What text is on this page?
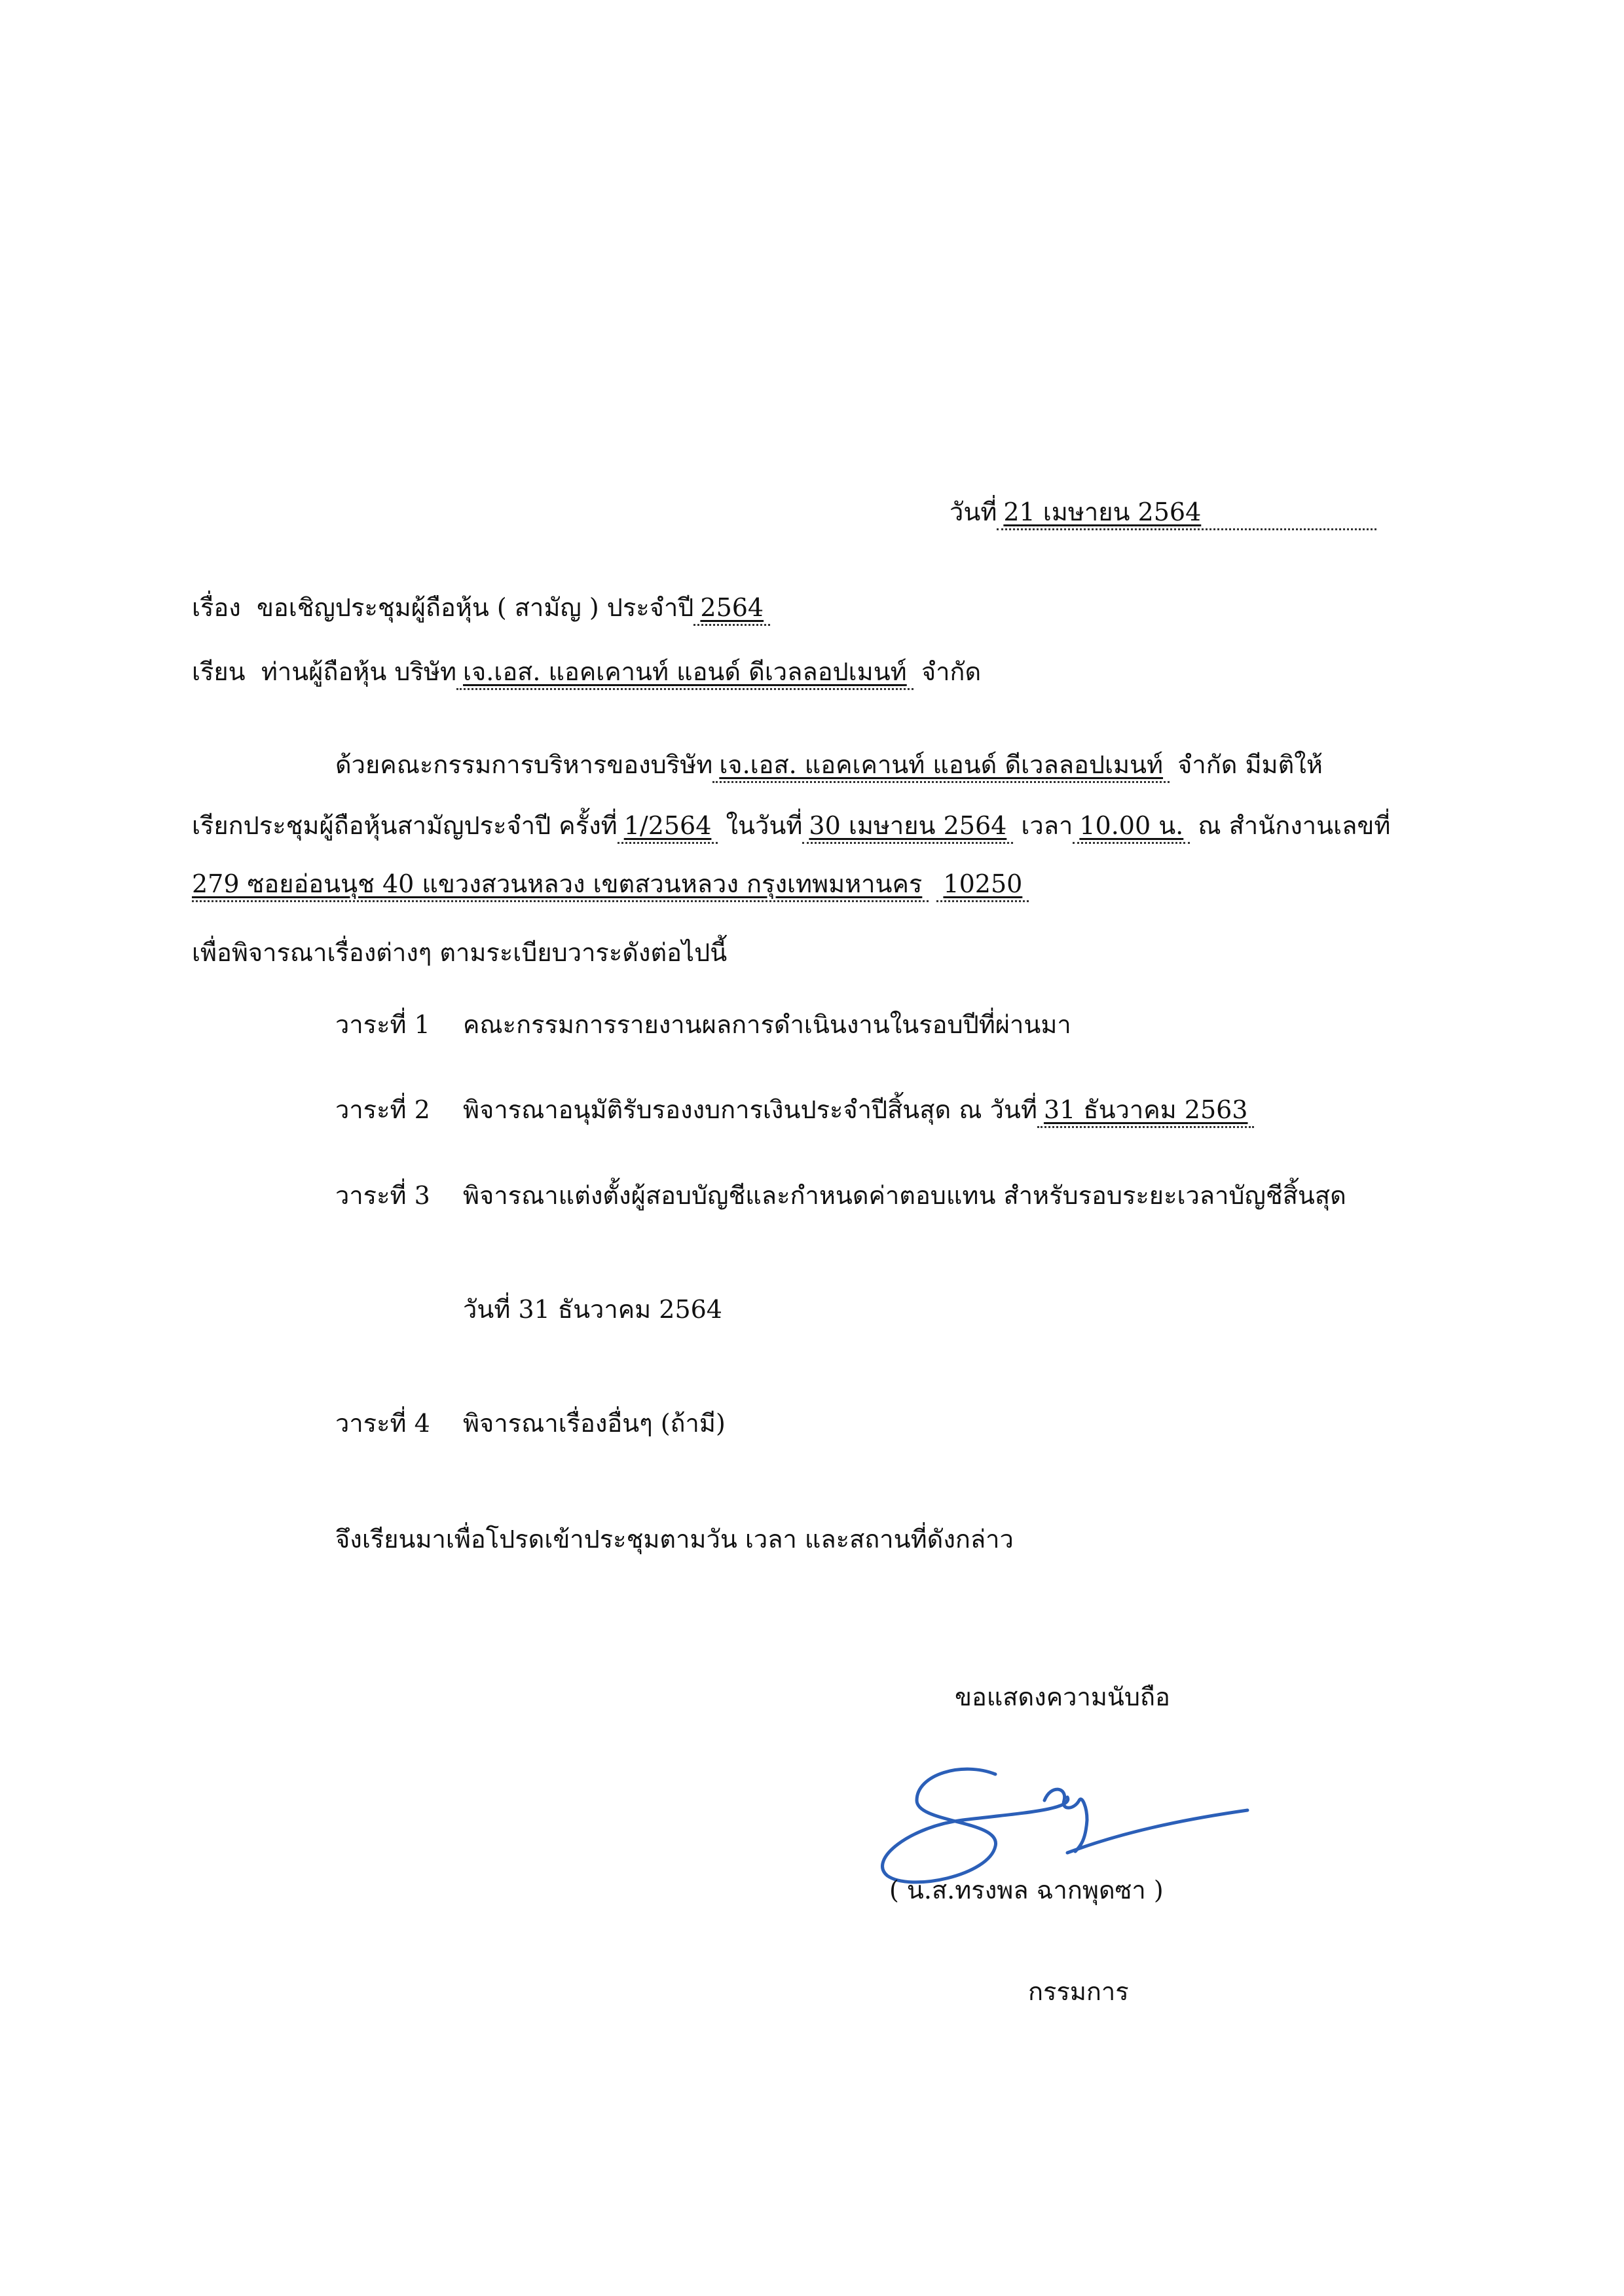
วันที่ 21 เมษายน 2564
เรื่อง ขอเชิญประชุมผู้ถือหุ้น ( สามัญ ) ประจำปี 2564
เรียน ท่านผู้ถือหุ้น บริษัท เจ.เอส. แอคเคานท์ แอนด์ ดีเวลลอปเมนท์ จำกัด
ด้วยคณะกรรมการบริหารของบริษัท เจ.เอส. แอคเคานท์ แอนด์ ดีเวลลอปเมนท์ จำกัด มีมติให้
เรียกประชุมผู้ถือหุ้นสามัญประจำปี ครั้งที่ 1/2564 ในวันที่ 30 เมษายน 2564 เวลา 10.00 น. ณ สำนักงานเลขที่
279 ซอยอ่อนนุช 40 แขวงสวนหลวง เขตสวนหลวง กรุงเทพมหานคร 10250
เพื่อพิจารณาเรื่องต่างๆ ตามระเบียบวาระดังต่อไปนี้
วาระที่ 1 คณะกรรมการรายงานผลการดำเนินงานในรอบปีที่ผ่านมา
วาระที่ 2 พิจารณาอนุมัติรับรองงบการเงินประจำปีสิ้นสุด ณ วันที่ 31 ธันวาคม 2563
วาระที่ 3 พิจารณาแต่งตั้งผู้สอบบัญชีและกำหนดค่าตอบแทน สำหรับรอบระยะเวลาบัญชีสิ้นสุด
วันที่ 31 ธันวาคม 2564
วาระที่ 4 พิจารณาเรื่องอื่นๆ (ถ้ามี)
จึงเรียนมาเพื่อโปรดเข้าประชุมตามวัน เวลา และสถานที่ดังกล่าว
ขอแสดงความนับถือ
( น.ส.ทรงพล ฉากพุดซา )
กรรมการ
